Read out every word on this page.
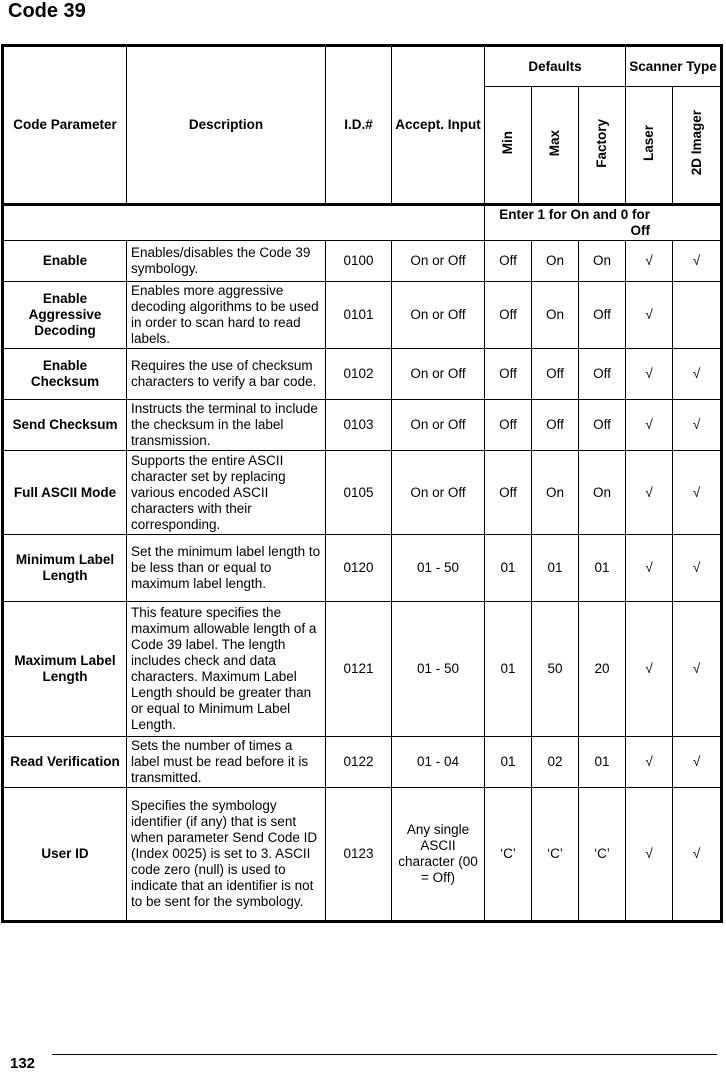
Code 39
Code Parameter	Description	I.D.#	Accept. Input	Defaults			Scanner Type	
				Min	Max	Factory	Laser	2D Imager
				Enter 1 for On and 0 for Off				
Enable	Enables/disables the Code 39 symbology.	0100	On or Off	Off	On	On	√	√
Enable Aggressive Decoding	Enables more aggressive decoding algorithms to be used in order to scan hard to read labels.	0101	On or Off	Off	On	Off	√	
Enable Checksum	Requires the use of checksum characters to verify a bar code.	0102	On or Off	Off	Off	Off	√	√
Send Checksum	Instructs the terminal to include the checksum in the label transmission.	0103	On or Off	Off	Off	Off	√	√
Full ASCII Mode	Supports the entire ASCII character set by replacing various encoded ASCII characters with their corresponding.	0105	On or Off	Off	On	On	√	√
Minimum Label Length	Set the minimum label length to be less than or equal to maximum label length.	0120	01 - 50	01	01	01	√	√
Maximum Label Length	This feature specifies the maximum allowable length of a Code 39 label. The length includes check and data characters. Maximum Label Length should be greater than or equal to Minimum Label Length.	0121	01 - 50	01	50	20	√	√
Read Verification	Sets the number of times a label must be read before it is transmitted.	0122	01 - 04	01	02	01	√	√
User ID	Specifies the symbology identifier (if any) that is sent when parameter Send Code ID (Index 0025) is set to 3. ASCII code zero (null) is used to indicate that an identifier is not to be sent for the symbology.	0123	Any single ASCII character (00 = Off)	‘C’	‘C’	‘C’	√	√
132
